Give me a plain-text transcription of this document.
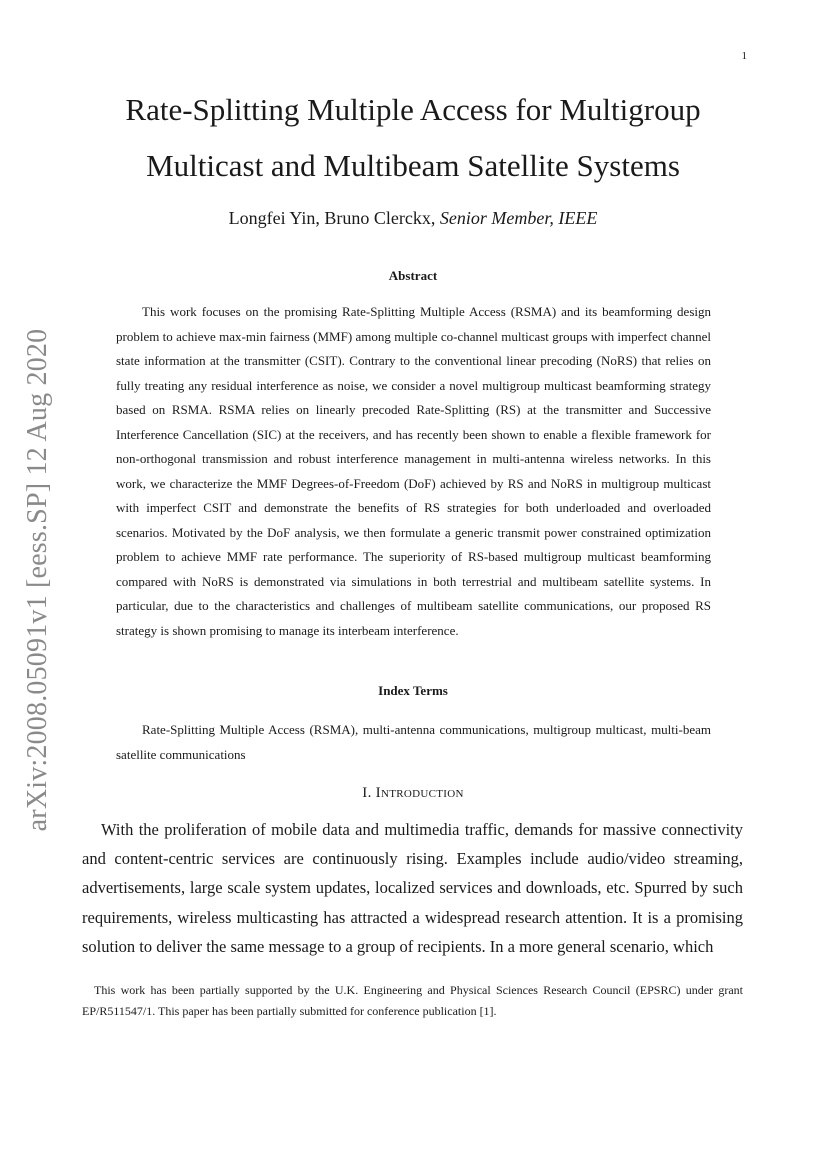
1
arXiv:2008.05091v1 [eess.SP] 12 Aug 2020
Rate-Splitting Multiple Access for Multigroup
Multicast and Multibeam Satellite Systems
Longfei Yin, Bruno Clerckx, Senior Member, IEEE
Abstract

This work focuses on the promising Rate-Splitting Multiple Access (RSMA) and its beamforming design problem to achieve max-min fairness (MMF) among multiple co-channel multicast groups with imperfect channel state information at the transmitter (CSIT). Contrary to the conventional linear precoding (NoRS) that relies on fully treating any residual interference as noise, we consider a novel multigroup multicast beamforming strategy based on RSMA. RSMA relies on linearly precoded Rate-Splitting (RS) at the transmitter and Successive Interference Cancellation (SIC) at the receivers, and has recently been shown to enable a flexible framework for non-orthogonal transmission and robust interference management in multi-antenna wireless networks. In this work, we characterize the MMF Degrees-of-Freedom (DoF) achieved by RS and NoRS in multigroup multicast with imperfect CSIT and demonstrate the benefits of RS strategies for both underloaded and overloaded scenarios. Motivated by the DoF analysis, we then formulate a generic transmit power constrained optimization problem to achieve MMF rate performance. The superiority of RS-based multigroup multicast beamforming compared with NoRS is demonstrated via simulations in both terrestrial and multibeam satellite systems. In particular, due to the characteristics and challenges of multibeam satellite communications, our proposed RS strategy is shown promising to manage its interbeam interference.

Index Terms

Rate-Splitting Multiple Access (RSMA), multi-antenna communications, multigroup multicast, multi-beam satellite communications

I. Introduction

With the proliferation of mobile data and multimedia traffic, demands for massive connectivity and content-centric services are continuously rising. Examples include audio/video streaming, advertisements, large scale system updates, localized services and downloads, etc. Spurred by such requirements, wireless multicasting has attracted a widespread research attention. It is a promising solution to deliver the same message to a group of recipients. In a more general scenario, which

This work has been partially supported by the U.K. Engineering and Physical Sciences Research Council (EPSRC) under grant EP/R511547/1. This paper has been partially submitted for conference publication [1].
